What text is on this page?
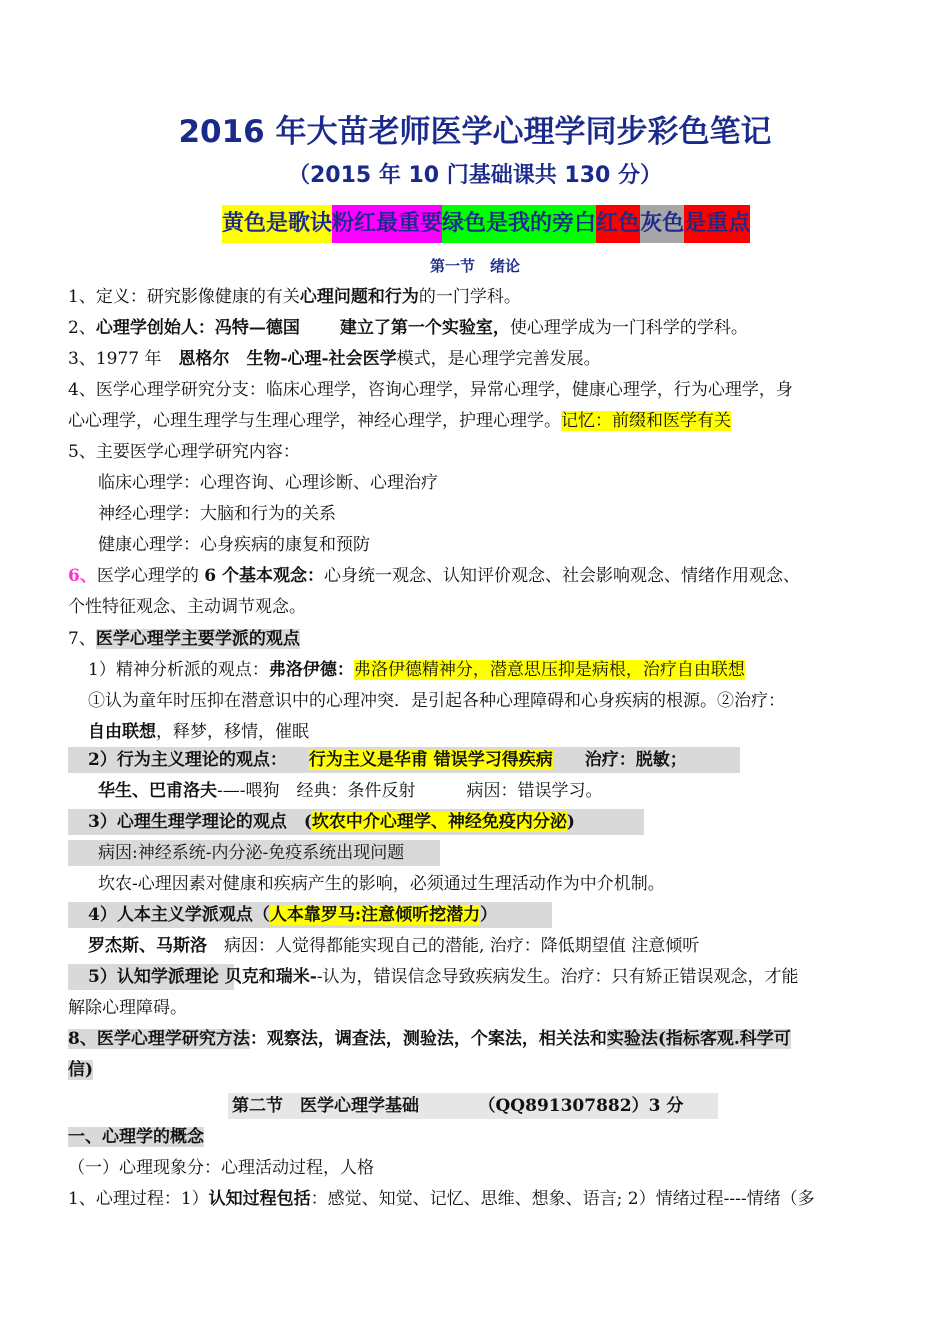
2016 年大苗老师医学心理学同步彩色笔记
（2015 年 10 门基础课共 130 分）
黄色是歌诀 粉红最重要 绿色是我的旁白 红色 灰色 是重点
第一节　绪论
1、定义：研究影像健康的有关心理问题和行为的一门学科。
2、心理学创始人：冯特—德国 建立了第一个实验室，使心理学成为一门科学的学科。
3、1977 年　恩格尔　生物-心理-社会医学模式，是心理学完善发展。
4、医学心理学研究分支：临床心理学，咨询心理学，异常心理学，健康心理学，行为心理学，身
心心理学，心理生理学与生理心理学，神经心理学，护理心理学。记忆：前缀和医学有关
5、主要医学心理学研究内容：
临床心理学：心理咨询、心理诊断、心理治疗
神经心理学：大脑和行为的关系
健康心理学：心身疾病的康复和预防
6、医学心理学的 6 个基本观念：心身统一观念、认知评价观念、社会影响观念、情绪作用观念、
个性特征观念、主动调节观念。
7、医学心理学主要学派的观点
1）精神分析派的观点：弗洛伊德：弗洛伊德精神分，潜意思压抑是病根，治疗自由联想
①认为童年时压抑在潜意识中的心理冲突．是引起各种心理障碍和心身疾病的根源。②治疗：
自由联想，释梦，移情，催眠
2）行为主义理论的观点： 行为主义是华甫 错误学习得疾病 治疗：脱敏；
华生、巴甫洛夫-—-喂狗　经典：条件反射　　　病因：错误学习。
3）心理生理学理论的观点　(坎农中介心理学、神经免疫内分泌)
病因:神经系统-内分泌-免疫系统出现问题
坎农-心理因素对健康和疾病产生的影响，必须通过生理活动作为中介机制。
4）人本主义学派观点（人本靠罗马:注意倾听挖潜力）
罗杰斯、马斯洛　病因：人觉得都能实现自己的潜能, 治疗：降低期望值 注意倾听
5）认知学派理论 贝克和瑞米--认为，错误信念导致疾病发生。治疗：只有矫正错误观念，才能
解除心理障碍。
8、医学心理学研究方法：观察法，调查法，测验法，个案法，相关法和实验法(指标客观.科学可
信)
第二节　医学心理学基础　　　　（QQ891307882）3 分
一、心理学的概念
（一）心理现象分：心理活动过程，人格
1、心理过程：1）认知过程包括：感觉、知觉、记忆、思维、想象、语言; 2）情绪过程----情绪（多
